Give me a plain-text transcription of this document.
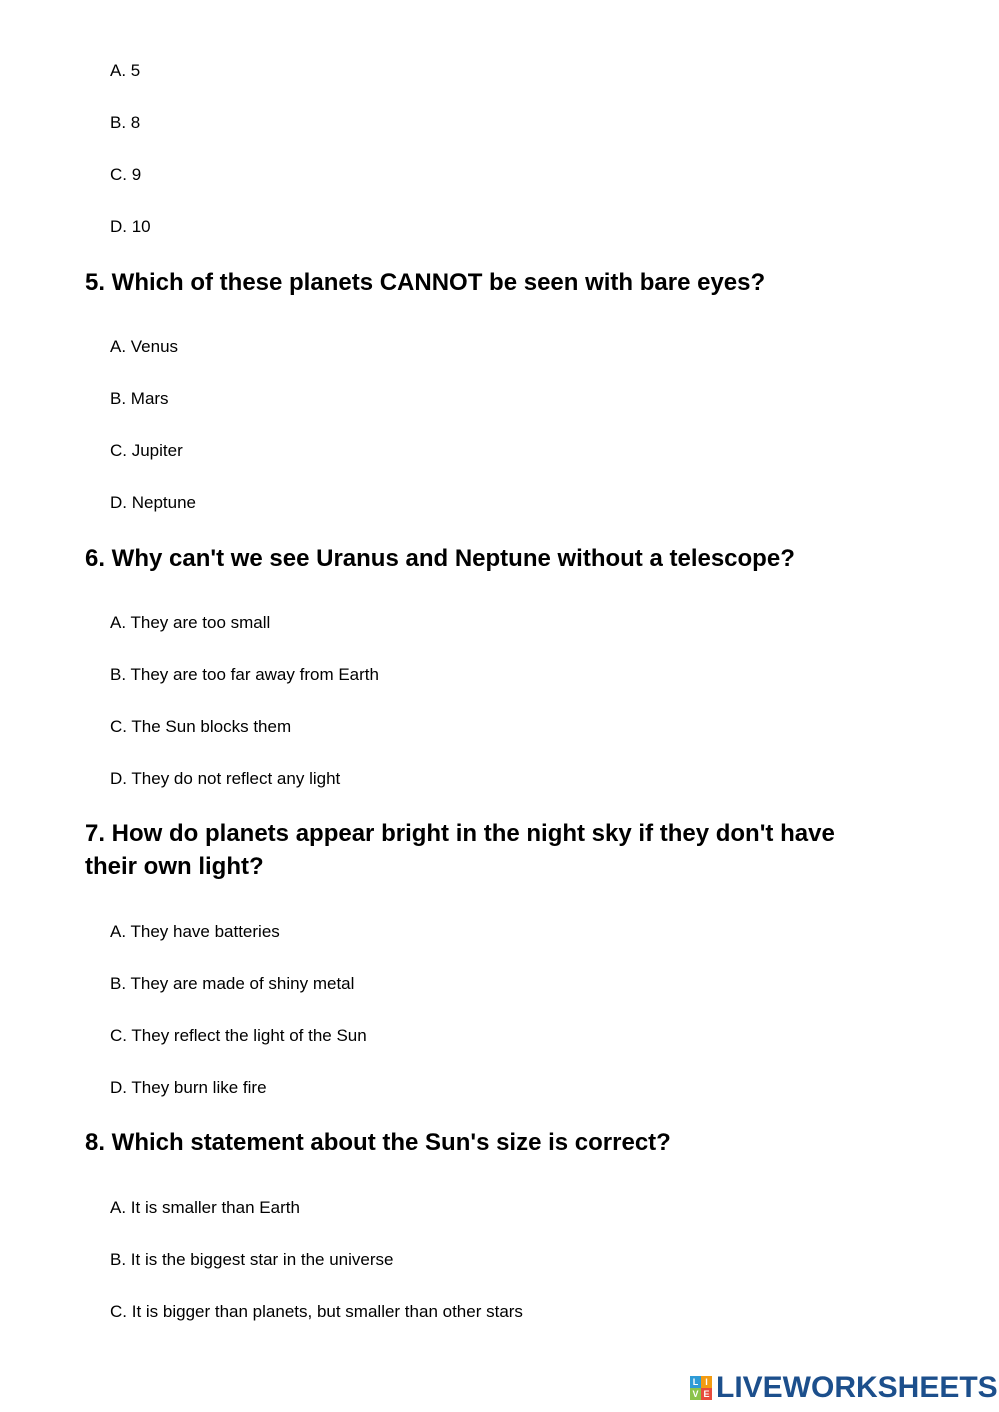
A. 5
B. 8
C. 9
D. 10
5. Which of these planets CANNOT be seen with bare eyes?
A. Venus
B. Mars
C. Jupiter
D. Neptune
6. Why can't we see Uranus and Neptune without a telescope?
A. They are too small
B. They are too far away from Earth
C. The Sun blocks them
D. They do not reflect any light
7. How do planets appear bright in the night sky if they don't have
their own light?
A. They have batteries
B. They are made of shiny metal
C. They reflect the light of the Sun
D. They burn like fire
8. Which statement about the Sun's size is correct?
A. It is smaller than Earth
B. It is the biggest star in the universe
C. It is bigger than planets, but smaller than other stars
L I
V E LIVEWORKSHEETS
